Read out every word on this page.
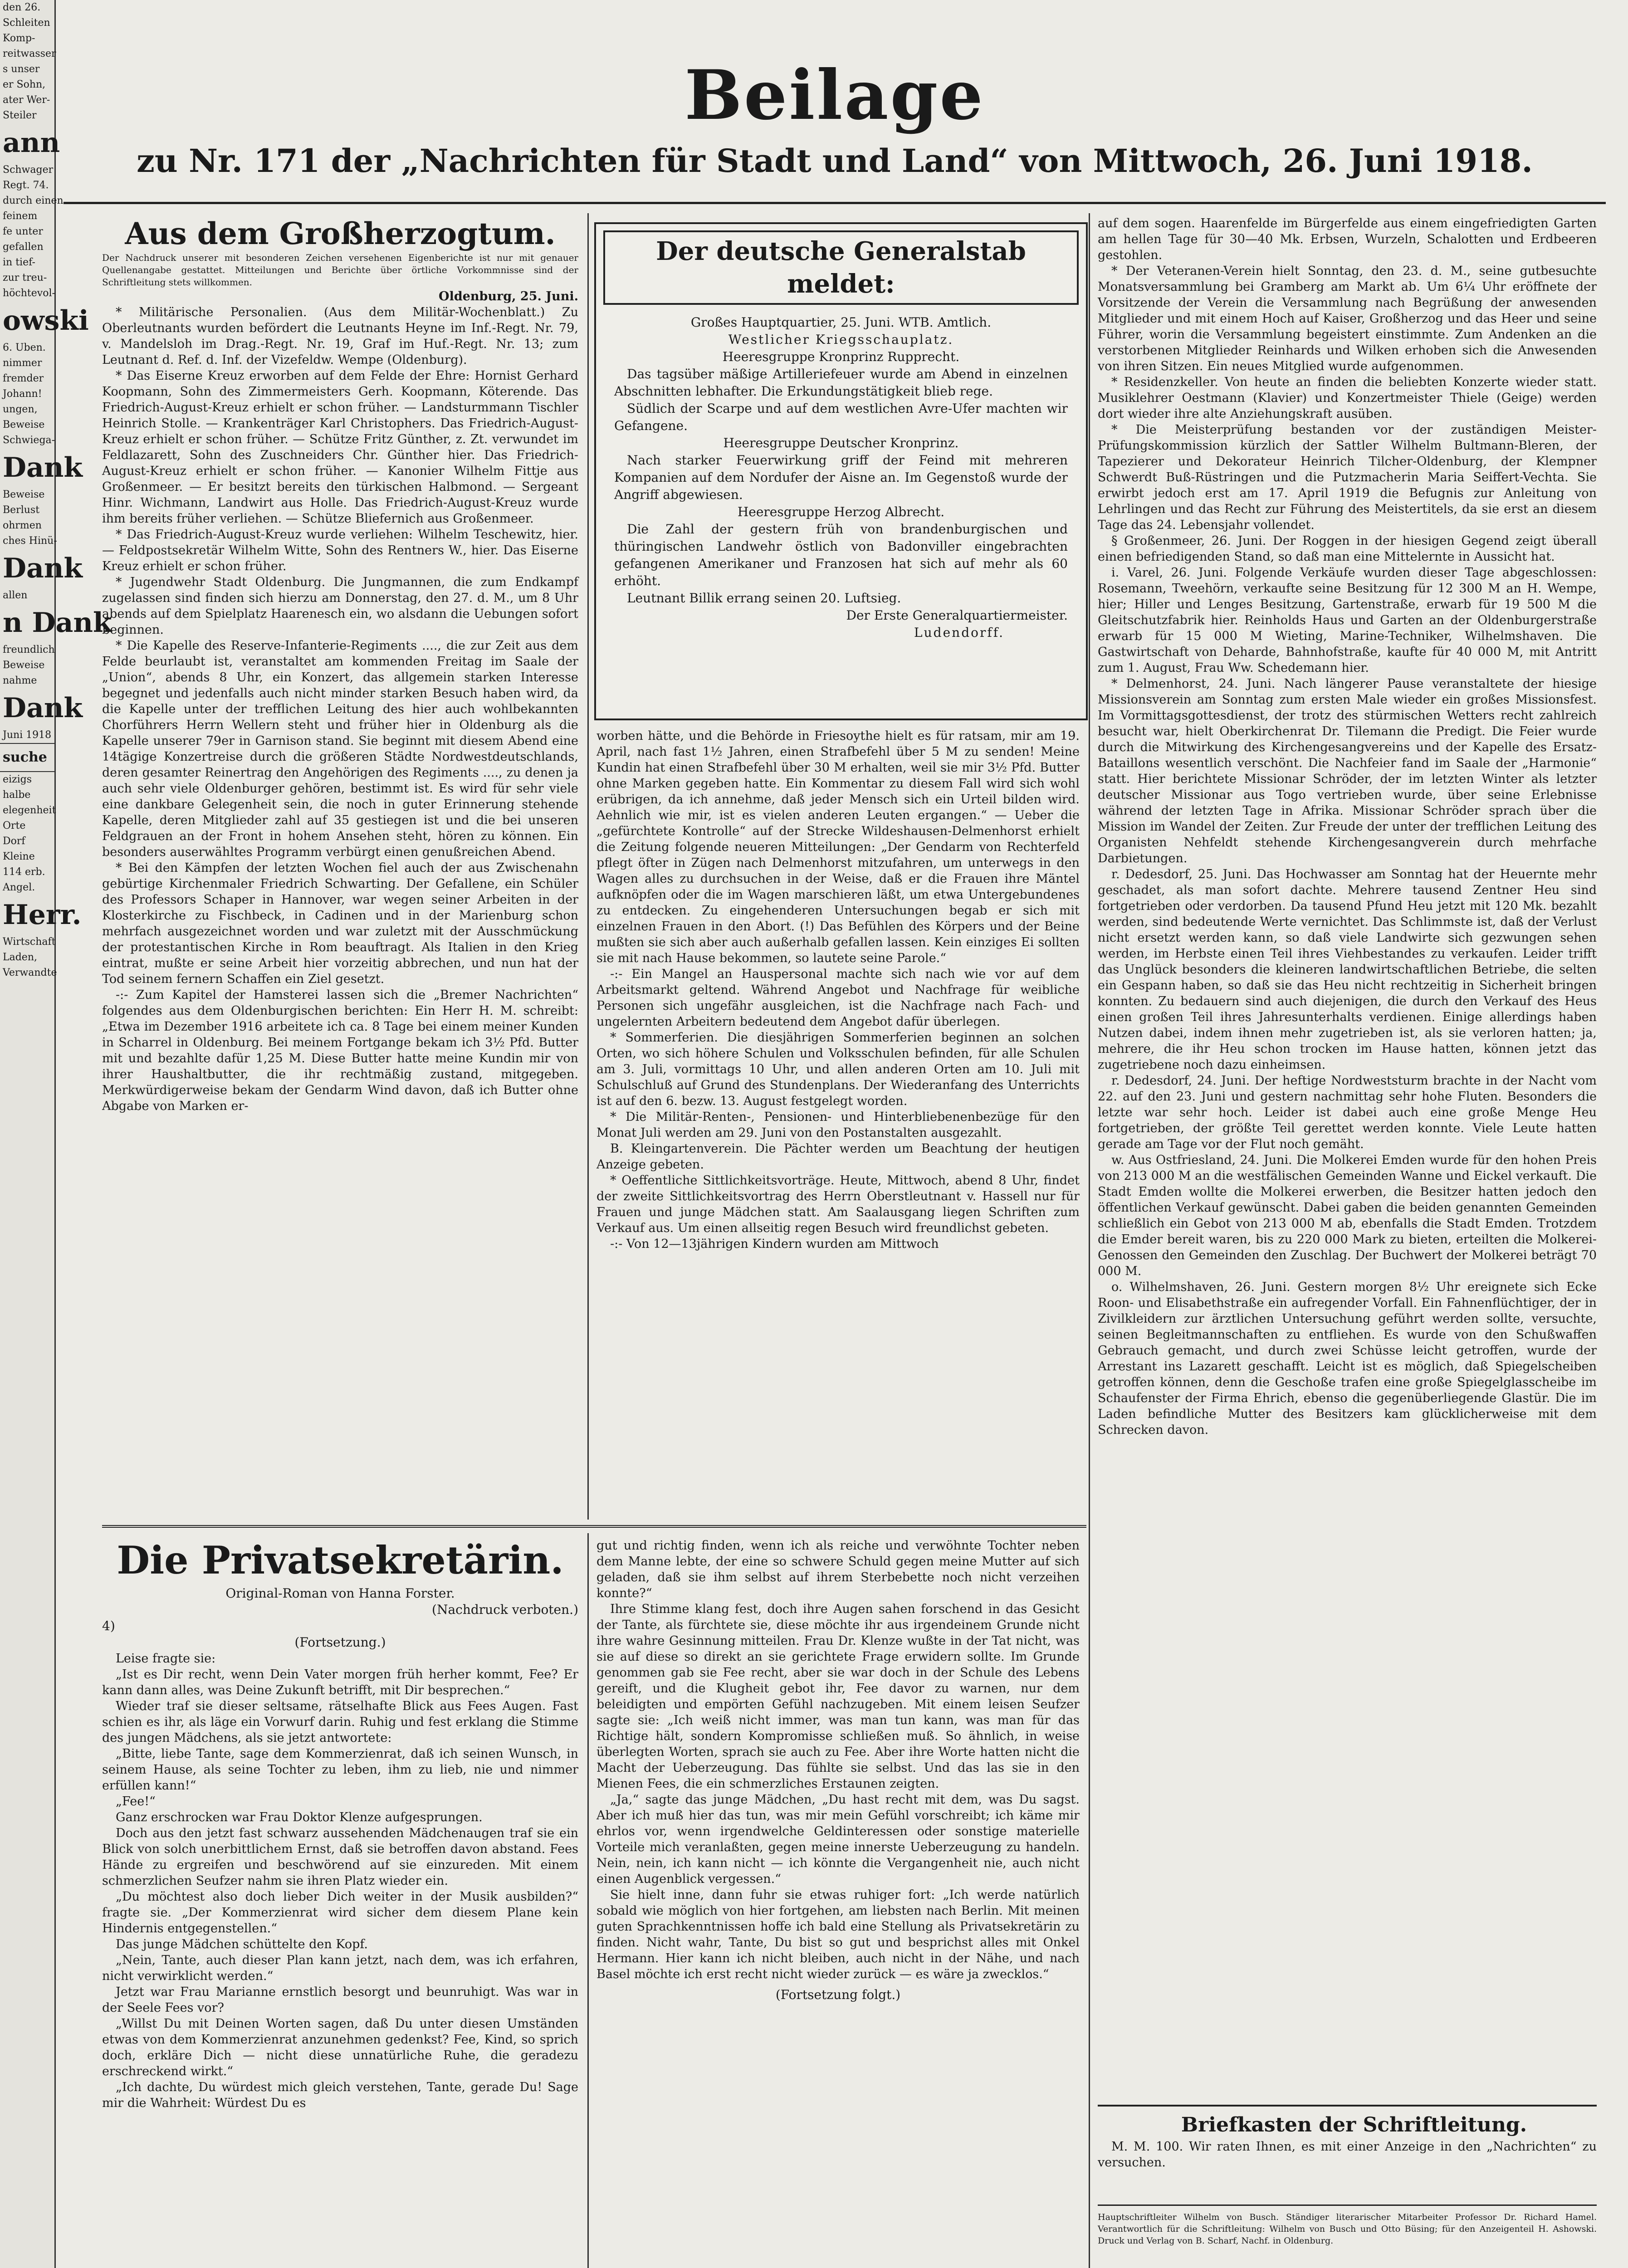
den 26.

Schleiten

Komp-

reitwasser

s unser

er Sohn,

ater Wer-

Steiler

ann

Schwager

Regt. 74.

durch einen

feinem

fe unter

gefallen

in tief-

zur treu-

höchtevol-

owski

6. Uben.

nimmer

fremder

Johann!

ungen,

Beweise

Schwiega-

Dank

Beweise

Berlust

ohrmen

ches Hinü-

Dank

allen

n Dank

freundlich

Beweise

nahme

Dank

Juni 1918

suche

eizigs

halbe

elegenheit

Orte

Dorf

Kleine

114 erb.

Angel.

Herr.

Wirtschaft

Laden,

Verwandte

Beilage
zu Nr. 171 der „Nachrichten für Stadt und Land“ von Mittwoch, 26. Juni 1918.

Aus dem Großherzogtum.

Der Nachdruck unserer mit besonderen Zeichen versehenen Eigenberichte ist nur mit genauer Quellenangabe gestattet. Mitteilungen und Berichte über örtliche Vorkommnisse sind der Schriftleitung stets willkommen.

Oldenburg, 25. Juni.

* Militärische Personalien. (Aus dem Militär-Wochenblatt.) Zu Oberleutnants wurden befördert die Leutnants Heyne im Inf.-Regt. Nr. 79, v. Mandelsloh im Drag.-Regt. Nr. 19, Graf im Huf.-Regt. Nr. 13; zum Leutnant d. Ref. d. Inf. der Vizefeldw. Wempe (Oldenburg).

* Das Eiserne Kreuz erworben auf dem Felde der Ehre: Hornist Gerhard Koopmann, Sohn des Zimmermeisters Gerh. Koopmann, Köterende. Das Friedrich-August-Kreuz erhielt er schon früher. — Landsturmmann Tischler Heinrich Stolle. — Krankenträger Karl Christophers. Das Friedrich-August-Kreuz erhielt er schon früher. — Schütze Fritz Günther, z. Zt. verwundet im Feldlazarett, Sohn des Zuschneiders Chr. Günther hier. Das Friedrich-August-Kreuz erhielt er schon früher. — Kanonier Wilhelm Fittje aus Großenmeer. — Er besitzt bereits den türkischen Halbmond. — Sergeant Hinr. Wichmann, Landwirt aus Holle. Das Friedrich-August-Kreuz wurde ihm bereits früher verliehen. — Schütze Bliefernich aus Großenmeer.

* Das Friedrich-August-Kreuz wurde verliehen: Wilhelm Teschewitz, hier. — Feldpostsekretär Wilhelm Witte, Sohn des Rentners W., hier. Das Eiserne Kreuz erhielt er schon früher.

* Jugendwehr Stadt Oldenburg. Die Jungmannen, die zum Endkampf zugelassen sind finden sich hierzu am Donnerstag, den 27. d. M., um 8 Uhr abends auf dem Spielplatz Haarenesch ein, wo alsdann die Uebungen sofort beginnen.

* Die Kapelle des Reserve-Infanterie-Regiments ...., die zur Zeit aus dem Felde beurlaubt ist, veranstaltet am kommenden Freitag im Saale der „Union“, abends 8 Uhr, ein Konzert, das allgemein starken Interesse begegnet und jedenfalls auch nicht minder starken Besuch haben wird, da die Kapelle unter der trefflichen Leitung des hier auch wohlbekannten Chorführers Herrn Wellern steht und früher hier in Oldenburg als die Kapelle unserer 79er in Garnison stand. Sie beginnt mit diesem Abend eine 14tägige Konzertreise durch die größeren Städte Nordwestdeutschlands, deren gesamter Reinertrag den Angehörigen des Regiments ...., zu denen ja auch sehr viele Oldenburger gehören, bestimmt ist. Es wird für sehr viele eine dankbare Gelegenheit sein, die noch in guter Erinnerung stehende Kapelle, deren Mitglieder zahl auf 35 gestiegen ist und die bei unseren Feldgrauen an der Front in hohem Ansehen steht, hören zu können. Ein besonders auserwähltes Programm verbürgt einen genußreichen Abend.

* Bei den Kämpfen der letzten Wochen fiel auch der aus Zwischenahn gebürtige Kirchenmaler Friedrich Schwarting. Der Gefallene, ein Schüler des Professors Schaper in Hannover, war wegen seiner Arbeiten in der Klosterkirche zu Fischbeck, in Cadinen und in der Marienburg schon mehrfach ausgezeichnet worden und war zuletzt mit der Ausschmückung der protestantischen Kirche in Rom beauftragt. Als Italien in den Krieg eintrat, mußte er seine Arbeit hier vorzeitig abbrechen, und nun hat der Tod seinem fernern Schaffen ein Ziel gesetzt.

-:- Zum Kapitel der Hamsterei lassen sich die „Bremer Nachrichten“ folgendes aus dem Oldenburgischen berichten: Ein Herr H. M. schreibt: „Etwa im Dezember 1916 arbeitete ich ca. 8 Tage bei einem meiner Kunden in Scharrel in Oldenburg. Bei meinem Fortgange bekam ich 3½ Pfd. Butter mit und bezahlte dafür 1,25 M. Diese Butter hatte meine Kundin mir von ihrer Haushaltbutter, die ihr rechtmäßig zustand, mitgegeben. Merkwürdigerweise bekam der Gendarm Wind davon, daß ich Butter ohne Abgabe von Marken er-

Der deutsche Generalstab meldet:

Großes Hauptquartier, 25. Juni. WTB. Amtlich.

Westlicher Kriegsschauplatz.

Heeresgruppe Kronprinz Rupprecht.

Das tagsüber mäßige Artilleriefeuer wurde am Abend in einzelnen Abschnitten lebhafter. Die Erkundungstätigkeit blieb rege.

Südlich der Scarpe und auf dem westlichen Avre-Ufer machten wir Gefangene.

Heeresgruppe Deutscher Kronprinz.

Nach starker Feuerwirkung griff der Feind mit mehreren Kompanien auf dem Nordufer der Aisne an. Im Gegenstoß wurde der Angriff abgewiesen.

Heeresgruppe Herzog Albrecht.

Die Zahl der gestern früh von brandenburgischen und thüringischen Landwehr östlich von Badonviller eingebrachten gefangenen Amerikaner und Franzosen hat sich auf mehr als 60 erhöht.

Leutnant Billik errang seinen 20. Luftsieg.

Der Erste Generalquartiermeister.
Ludendorff.

worben hätte, und die Behörde in Friesoythe hielt es für ratsam, mir am 19. April, nach fast 1½ Jahren, einen Strafbefehl über 5 M zu senden! Meine Kundin hat einen Strafbefehl über 30 M erhalten, weil sie mir 3½ Pfd. Butter ohne Marken gegeben hatte. Ein Kommentar zu diesem Fall wird sich wohl erübrigen, da ich annehme, daß jeder Mensch sich ein Urteil bilden wird. Aehnlich wie mir, ist es vielen anderen Leuten ergangen.“ — Ueber die „gefürchtete Kontrolle“ auf der Strecke Wildeshausen-Delmenhorst erhielt die Zeitung folgende neueren Mitteilungen: „Der Gendarm von Rechterfeld pflegt öfter in Zügen nach Delmenhorst mitzufahren, um unterwegs in den Wagen alles zu durchsuchen in der Weise, daß er die Frauen ihre Mäntel aufknöpfen oder die im Wagen marschieren läßt, um etwa Untergebundenes zu entdecken. Zu eingehenderen Untersuchungen begab er sich mit einzelnen Frauen in den Abort. (!) Das Befühlen des Körpers und der Beine mußten sie sich aber auch außerhalb gefallen lassen. Kein einziges Ei sollten sie mit nach Hause bekommen, so lautete seine Parole.“

-:- Ein Mangel an Hauspersonal machte sich nach wie vor auf dem Arbeitsmarkt geltend. Während Angebot und Nachfrage für weibliche Personen sich ungefähr ausgleichen, ist die Nachfrage nach Fach- und ungelernten Arbeitern bedeutend dem Angebot dafür überlegen.

* Sommerferien. Die diesjährigen Sommerferien beginnen an solchen Orten, wo sich höhere Schulen und Volksschulen befinden, für alle Schulen am 3. Juli, vormittags 10 Uhr, und allen anderen Orten am 10. Juli mit Schulschluß auf Grund des Stundenplans. Der Wiederanfang des Unterrichts ist auf den 6. bezw. 13. August festgelegt worden.

* Die Militär-Renten-, Pensionen- und Hinterbliebenenbezüge für den Monat Juli werden am 29. Juni von den Postanstalten ausgezahlt.

B. Kleingartenverein. Die Pächter werden um Beachtung der heutigen Anzeige gebeten.

* Oeffentliche Sittlichkeitsvorträge. Heute, Mittwoch, abend 8 Uhr, findet der zweite Sittlichkeitsvortrag des Herrn Oberstleutnant v. Hassell nur für Frauen und junge Mädchen statt. Am Saalausgang liegen Schriften zum Verkauf aus. Um einen allseitig regen Besuch wird freundlichst gebeten.

-:- Von 12—13jährigen Kindern wurden am Mittwoch

Die Privatsekretärin.

Original-Roman von Hanna Forster.

(Nachdruck verboten.)

4)

(Fortsetzung.)

Leise fragte sie:

„Ist es Dir recht, wenn Dein Vater morgen früh herher kommt, Fee? Er kann dann alles, was Deine Zukunft betrifft, mit Dir besprechen.“

Wieder traf sie dieser seltsame, rätselhafte Blick aus Fees Augen. Fast schien es ihr, als läge ein Vorwurf darin. Ruhig und fest erklang die Stimme des jungen Mädchens, als sie jetzt antwortete:

„Bitte, liebe Tante, sage dem Kommerzienrat, daß ich seinen Wunsch, in seinem Hause, als seine Tochter zu leben, ihm zu lieb, nie und nimmer erfüllen kann!“

„Fee!“

Ganz erschrocken war Frau Doktor Klenze aufgesprungen.

Doch aus den jetzt fast schwarz aussehenden Mädchenaugen traf sie ein Blick von solch unerbittlichem Ernst, daß sie betroffen davon abstand. Fees Hände zu ergreifen und beschwörend auf sie einzureden. Mit einem schmerzlichen Seufzer nahm sie ihren Platz wieder ein.

„Du möchtest also doch lieber Dich weiter in der Musik ausbilden?“ fragte sie. „Der Kommerzienrat wird sicher dem diesem Plane kein Hindernis entgegenstellen.“

Das junge Mädchen schüttelte den Kopf.

„Nein, Tante, auch dieser Plan kann jetzt, nach dem, was ich erfahren, nicht verwirklicht werden.“

Jetzt war Frau Marianne ernstlich besorgt und beunruhigt. Was war in der Seele Fees vor?

„Willst Du mit Deinen Worten sagen, daß Du unter diesen Umständen etwas von dem Kommerzienrat anzunehmen gedenkst? Fee, Kind, so sprich doch, erkläre Dich — nicht diese unnatürliche Ruhe, die geradezu erschreckend wirkt.“

„Ich dachte, Du würdest mich gleich verstehen, Tante, gerade Du! Sage mir die Wahrheit: Würdest Du es

gut und richtig finden, wenn ich als reiche und verwöhnte Tochter neben dem Manne lebte, der eine so schwere Schuld gegen meine Mutter auf sich geladen, daß sie ihm selbst auf ihrem Sterbebette noch nicht verzeihen konnte?“

Ihre Stimme klang fest, doch ihre Augen sahen forschend in das Gesicht der Tante, als fürchtete sie, diese möchte ihr aus irgendeinem Grunde nicht ihre wahre Gesinnung mitteilen. Frau Dr. Klenze wußte in der Tat nicht, was sie auf diese so direkt an sie gerichtete Frage erwidern sollte. Im Grunde genommen gab sie Fee recht, aber sie war doch in der Schule des Lebens gereift, und die Klugheit gebot ihr, Fee davor zu warnen, nur dem beleidigten und empörten Gefühl nachzugeben. Mit einem leisen Seufzer sagte sie: „Ich weiß nicht immer, was man tun kann, was man für das Richtige hält, sondern Kompromisse schließen muß. So ähnlich, in weise überlegten Worten, sprach sie auch zu Fee. Aber ihre Worte hatten nicht die Macht der Ueberzeugung. Das fühlte sie selbst. Und das las sie in den Mienen Fees, die ein schmerzliches Erstaunen zeigten.

„Ja,“ sagte das junge Mädchen, „Du hast recht mit dem, was Du sagst. Aber ich muß hier das tun, was mir mein Gefühl vorschreibt; ich käme mir ehrlos vor, wenn irgendwelche Geldinteressen oder sonstige materielle Vorteile mich veranlaßten, gegen meine innerste Ueberzeugung zu handeln. Nein, nein, ich kann nicht — ich könnte die Vergangenheit nie, auch nicht einen Augenblick vergessen.“

Sie hielt inne, dann fuhr sie etwas ruhiger fort: „Ich werde natürlich sobald wie möglich von hier fortgehen, am liebsten nach Berlin. Mit meinen guten Sprachkenntnissen hoffe ich bald eine Stellung als Privatsekretärin zu finden. Nicht wahr, Tante, Du bist so gut und besprichst alles mit Onkel Hermann. Hier kann ich nicht bleiben, auch nicht in der Nähe, und nach Basel möchte ich erst recht nicht wieder zurück — es wäre ja zwecklos.“

(Fortsetzung folgt.)

auf dem sogen. Haarenfelde im Bürgerfelde aus einem eingefriedigten Garten am hellen Tage für 30—40 Mk. Erbsen, Wurzeln, Schalotten und Erdbeeren gestohlen.

* Der Veteranen-Verein hielt Sonntag, den 23. d. M., seine gutbesuchte Monatsversammlung bei Gramberg am Markt ab. Um 6¼ Uhr eröffnete der Vorsitzende der Verein die Versammlung nach Begrüßung der anwesenden Mitglieder und mit einem Hoch auf Kaiser, Großherzog und das Heer und seine Führer, worin die Versammlung begeistert einstimmte. Zum Andenken an die verstorbenen Mitglieder Reinhards und Wilken erhoben sich die Anwesenden von ihren Sitzen. Ein neues Mitglied wurde aufgenommen.

* Residenzkeller. Von heute an finden die beliebten Konzerte wieder statt. Musiklehrer Oestmann (Klavier) und Konzertmeister Thiele (Geige) werden dort wieder ihre alte Anziehungskraft ausüben.

* Die Meisterprüfung bestanden vor der zuständigen Meister-Prüfungskommission kürzlich der Sattler Wilhelm Bultmann-Bleren, der Tapezierer und Dekorateur Heinrich Tilcher-Oldenburg, der Klempner Schwerdt Buß-Rüstringen und die Putzmacherin Maria Seiffert-Vechta. Sie erwirbt jedoch erst am 17. April 1919 die Befugnis zur Anleitung von Lehrlingen und das Recht zur Führung des Meistertitels, da sie erst an diesem Tage das 24. Lebensjahr vollendet.

§ Großenmeer, 26. Juni. Der Roggen in der hiesigen Gegend zeigt überall einen befriedigenden Stand, so daß man eine Mittelernte in Aussicht hat.

i. Varel, 26. Juni. Folgende Verkäufe wurden dieser Tage abgeschlossen: Rosemann, Tweehörn, verkaufte seine Besitzung für 12 300 M an H. Wempe, hier; Hiller und Lenges Besitzung, Gartenstraße, erwarb für 19 500 M die Gleitschutzfabrik hier. Reinholds Haus und Garten an der Oldenburgerstraße erwarb für 15 000 M Wieting, Marine-Techniker, Wilhelmshaven. Die Gastwirtschaft von Deharde, Bahnhofstraße, kaufte für 40 000 M, mit Antritt zum 1. August, Frau Ww. Schedemann hier.

* Delmenhorst, 24. Juni. Nach längerer Pause veranstaltete der hiesige Missionsverein am Sonntag zum ersten Male wieder ein großes Missionsfest. Im Vormittagsgottesdienst, der trotz des stürmischen Wetters recht zahlreich besucht war, hielt Oberkirchenrat Dr. Tilemann die Predigt. Die Feier wurde durch die Mitwirkung des Kirchengesangvereins und der Kapelle des Ersatz-Bataillons wesentlich verschönt. Die Nachfeier fand im Saale der „Harmonie“ statt. Hier berichtete Missionar Schröder, der im letzten Winter als letzter deutscher Missionar aus Togo vertrieben wurde, über seine Erlebnisse während der letzten Tage in Afrika. Missionar Schröder sprach über die Mission im Wandel der Zeiten. Zur Freude der unter der trefflichen Leitung des Organisten Nehfeldt stehende Kirchengesangverein durch mehrfache Darbietungen.

r. Dedesdorf, 25. Juni. Das Hochwasser am Sonntag hat der Heuernte mehr geschadet, als man sofort dachte. Mehrere tausend Zentner Heu sind fortgetrieben oder verdorben. Da tausend Pfund Heu jetzt mit 120 Mk. bezahlt werden, sind bedeutende Werte vernichtet. Das Schlimmste ist, daß der Verlust nicht ersetzt werden kann, so daß viele Landwirte sich gezwungen sehen werden, im Herbste einen Teil ihres Viehbestandes zu verkaufen. Leider trifft das Unglück besonders die kleineren landwirtschaftlichen Betriebe, die selten ein Gespann haben, so daß sie das Heu nicht rechtzeitig in Sicherheit bringen konnten. Zu bedauern sind auch diejenigen, die durch den Verkauf des Heus einen großen Teil ihres Jahresunterhalts verdienen. Einige allerdings haben Nutzen dabei, indem ihnen mehr zugetrieben ist, als sie verloren hatten; ja, mehrere, die ihr Heu schon trocken im Hause hatten, können jetzt das zugetriebene noch dazu einheimsen.

r. Dedesdorf, 24. Juni. Der heftige Nordweststurm brachte in der Nacht vom 22. auf den 23. Juni und gestern nachmittag sehr hohe Fluten. Besonders die letzte war sehr hoch. Leider ist dabei auch eine große Menge Heu fortgetrieben, der größte Teil gerettet werden konnte. Viele Leute hatten gerade am Tage vor der Flut noch gemäht.

w. Aus Ostfriesland, 24. Juni. Die Molkerei Emden wurde für den hohen Preis von 213 000 M an die westfälischen Gemeinden Wanne und Eickel verkauft. Die Stadt Emden wollte die Molkerei erwerben, die Besitzer hatten jedoch den öffentlichen Verkauf gewünscht. Dabei gaben die beiden genannten Gemeinden schließlich ein Gebot von 213 000 M ab, ebenfalls die Stadt Emden. Trotzdem die Emder bereit waren, bis zu 220 000 Mark zu bieten, erteilten die Molkerei-Genossen den Gemeinden den Zuschlag. Der Buchwert der Molkerei beträgt 70 000 M.

o. Wilhelmshaven, 26. Juni. Gestern morgen 8½ Uhr ereignete sich Ecke Roon- und Elisabethstraße ein aufregender Vorfall. Ein Fahnenflüchtiger, der in Zivilkleidern zur ärztlichen Untersuchung geführt werden sollte, versuchte, seinen Begleitmannschaften zu entfliehen. Es wurde von den Schußwaffen Gebrauch gemacht, und durch zwei Schüsse leicht getroffen, wurde der Arrestant ins Lazarett geschafft. Leicht ist es möglich, daß Spiegelscheiben getroffen können, denn die Geschoße trafen eine große Spiegelglasscheibe im Schaufenster der Firma Ehrich, ebenso die gegenüberliegende Glastür. Die im Laden befindliche Mutter des Besitzers kam glücklicherweise mit dem Schrecken davon.

Briefkasten der Schriftleitung.

M. M. 100. Wir raten Ihnen, es mit einer Anzeige in den „Nachrichten“ zu versuchen.

Hauptschriftleiter Wilhelm von Busch. Ständiger literarischer Mitarbeiter Professor Dr. Richard Hamel. Verantwortlich für die Schriftleitung: Wilhelm von Busch und Otto Büsing; für den Anzeigenteil H. Ashowski. Druck und Verlag von B. Scharf, Nachf. in Oldenburg.
